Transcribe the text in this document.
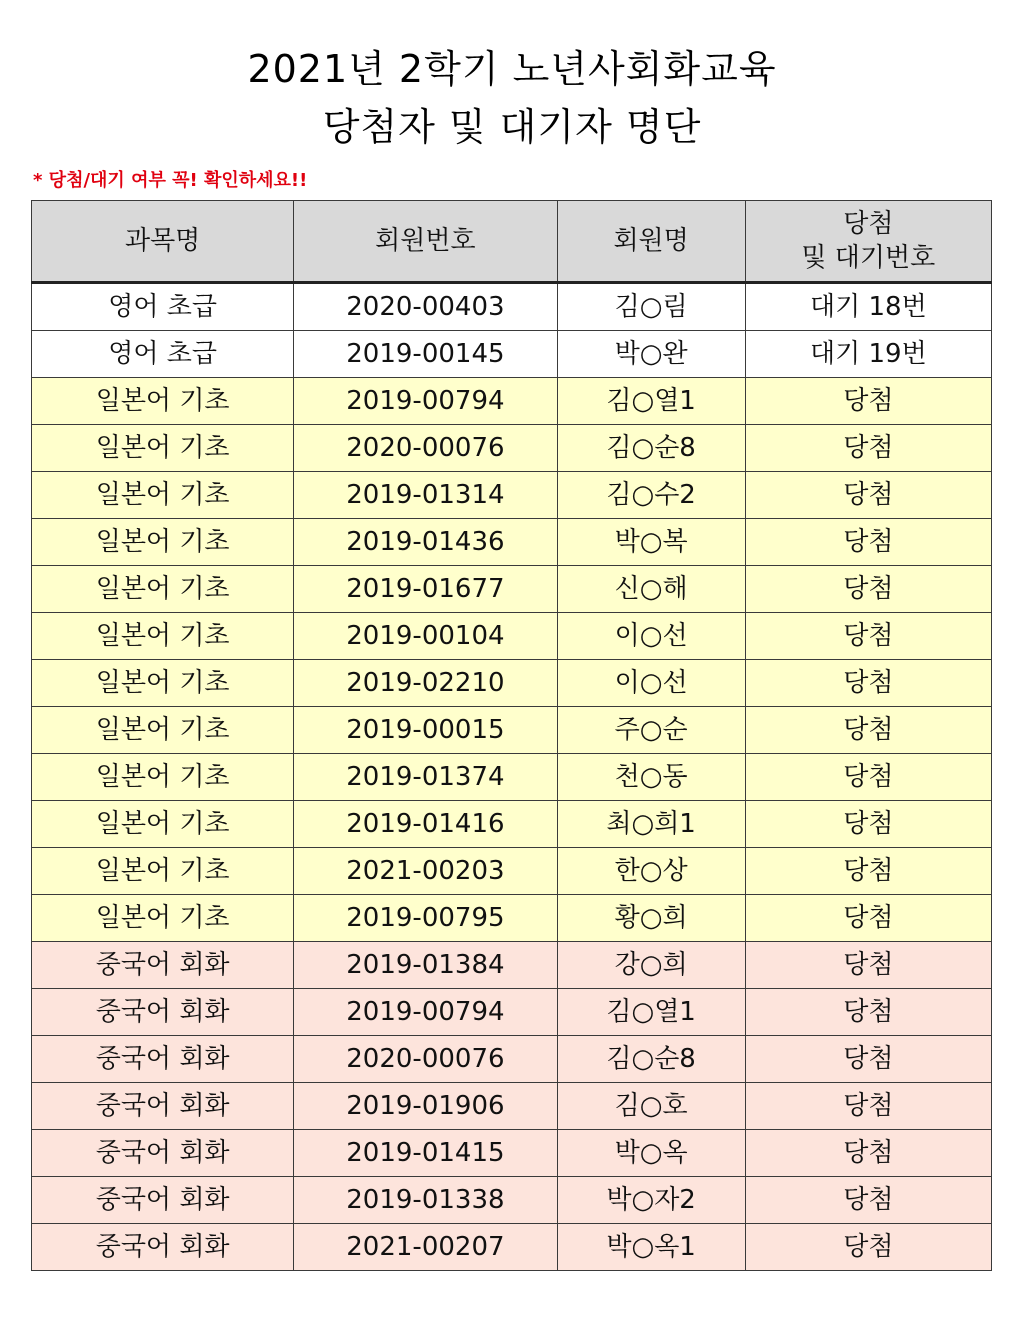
2021년 2학기 노년사회화교육
당첨자 및 대기자 명단
* 당첨/대기 여부 꼭! 확인하세요!!
과목명	회원번호	회원명	당첨
및 대기번호

영어 초급	2020-00403	김○림	대기 18번
영어 초급	2019-00145	박○완	대기 19번
일본어 기초	2019-00794	김○열1	당첨
일본어 기초	2020-00076	김○순8	당첨
일본어 기초	2019-01314	김○수2	당첨
일본어 기초	2019-01436	박○복	당첨
일본어 기초	2019-01677	신○해	당첨
일본어 기초	2019-00104	이○선	당첨
일본어 기초	2019-02210	이○선	당첨
일본어 기초	2019-00015	주○순	당첨
일본어 기초	2019-01374	천○동	당첨
일본어 기초	2019-01416	최○희1	당첨
일본어 기초	2021-00203	한○상	당첨
일본어 기초	2019-00795	황○희	당첨
중국어 회화	2019-01384	강○희	당첨
중국어 회화	2019-00794	김○열1	당첨
중국어 회화	2020-00076	김○순8	당첨
중국어 회화	2019-01906	김○호	당첨
중국어 회화	2019-01415	박○옥	당첨
중국어 회화	2019-01338	박○자2	당첨
중국어 회화	2021-00207	박○옥1	당첨
